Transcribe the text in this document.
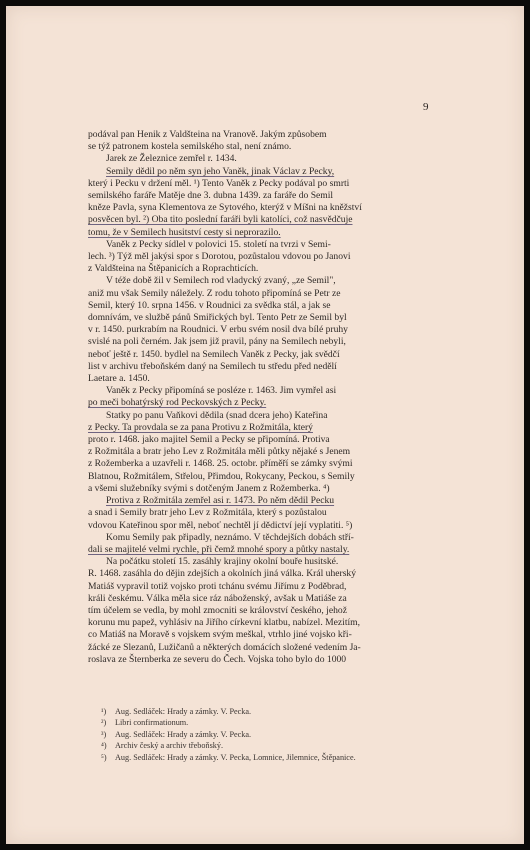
9

podával pan Henik z Valdšteina na Vranově. Jakým způsobem

se týž patronem kostela semilského stal, není známo.

Jarek ze Železnice zemřel r. 1434.

Semily dědil po něm syn jeho Vaněk, jinak Václav z Pecky,

který i Pecku v držení měl. ¹) Tento Vaněk z Pecky podával po smrti

semilského faráře Matěje dne 3. dubna 1439. za faráře do Semil

kněze Pavla, syna Klementova ze Sytového, kterýž v Míšni na kněžství

posvěcen byl. ²) Oba tito poslední faráři byli katolíci, což nasvědčuje

tomu, že v Semilech husitství cesty si neprorazilo.

Vaněk z Pecky sídlel v polovici 15. století na tvrzi v Semi-

lech. ³) Týž měl jakýsi spor s Dorotou, pozůstalou vdovou po Janovi

z Valdšteina na Štěpanicích a Roprachticích.

V téže době žil v Semilech rod vladycký zvaný, „ze Semil",

aniž mu však Semily náležely. Z rodu tohoto připomíná se Petr ze

Semil, který 10. srpna 1456. v Roudnici za svědka stál, a jak se

domnívám, ve službě pánů Smiřických byl. Tento Petr ze Semil byl

v r. 1450. purkrabím na Roudnici. V erbu svém nosil dva bílé pruhy

svislé na poli černém. Jak jsem již pravil, pány na Semilech nebyli,

neboť ještě r. 1450. bydlel na Semilech Vaněk z Pecky, jak svědčí

list v archivu třeboňském daný na Semilech tu středu před nedělí

Laetare a. 1450.

Vaněk z Pecky připomíná se posléze r. 1463. Jim vymřel asi

po meči bohatýrský rod Peckovských z Pecky.

Statky po panu Vaňkovi dědila (snad dcera jeho) Kateřina

z Pecky. Ta provdala se za pana Protivu z Rožmitála, který

proto r. 1468. jako majitel Semil a Pecky se připomíná. Protiva

z Rožmitála a bratr jeho Lev z Rožmitála měli půtky nějaké s Jenem

z Rožemberka a uzavřeli r. 1468. 25. octobr. příměří se zámky svými

Blatnou, Rožmitálem, Střelou, Přimdou, Rokycany, Peckou, s Semily

a všemi služebníky svými s dotčeným Janem z Rožemberka. ⁴)

Protiva z Rožmitála zemřel asi r. 1473. Po něm dědil Pecku

a snad i Semily bratr jeho Lev z Rožmitála, který s pozůstalou

vdovou Kateřinou spor měl, neboť nechtěl jí dědictví její vyplatiti. ⁵)

Komu Semily pak připadly, neznámo. V těchdejších dobách stří-

dali se majitelé velmi rychle, při čemž mnohé spory a půtky nastaly.

Na počátku století 15. zasáhly krajiny okolní bouře husitské.

R. 1468. zasáhla do dějin zdejších a okolních jiná válka. Král uherský

Matiáš vypravil totiž vojsko proti tchánu svému Jiřímu z Poděbrad,

králi českému. Válka měla sice ráz náboženský, avšak u Matiáše za

tím účelem se vedla, by mohl zmocniti se království českého, jehož

korunu mu papež, vyhlásiv na Jiřího církevní klatbu, nabízel. Mezitím,

co Matiáš na Moravě s vojskem svým meškal, vtrhlo jiné vojsko kři-

žácké ze Slezanů, Lužičanů a některých domácích složené vedením Ja-

roslava ze Šternberka ze severu do Čech. Vojska toho bylo do 1000

¹) Aug. Sedláček: Hrady a zámky. V. Pecka.
²) Libri confirmationum.
³) Aug. Sedláček: Hrady a zámky. V. Pecka.
⁴) Archiv český a archiv třeboňský.
⁵) Aug. Sedláček: Hrady a zámky. V. Pecka, Lomnice, Jilemnice, Štěpanice.
